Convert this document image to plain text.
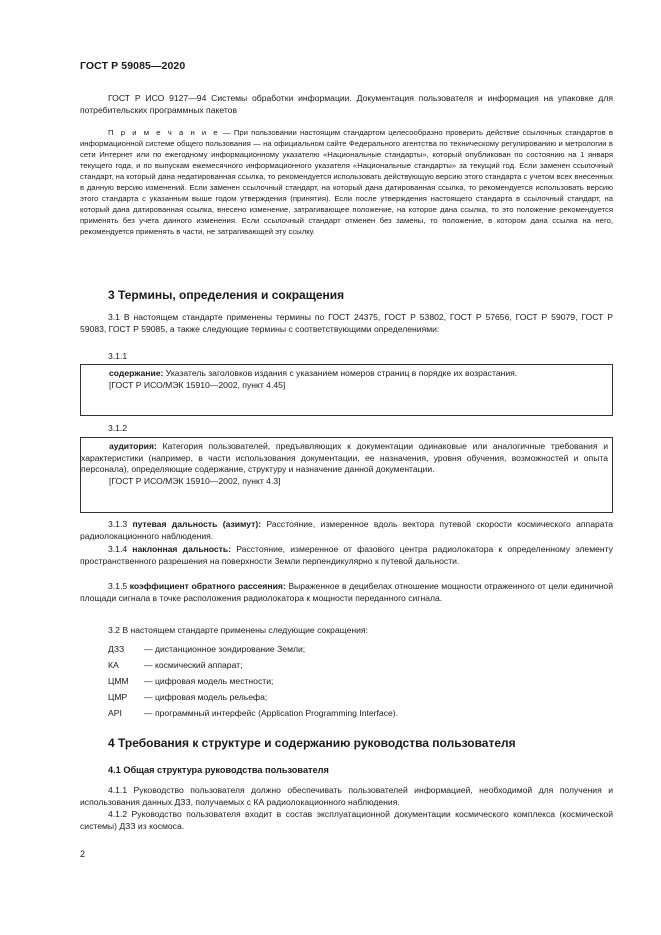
ГОСТ Р 59085—2020

ГОСТ Р ИСО 9127—94 Системы обработки информации. Документация пользователя и информация на упаковке для потребительских программных пакетов

П р и м е ч а н и е — При пользовании настоящим стандартом целесообразно проверить действие ссылочных стандартов в информационной системе общего пользования — на официальном сайте Федерального агентства по техническому регулированию и метрологии в сети Интернет или по ежегодному информационному указателю «Национальные стандарты», который опубликован по состоянию на 1 января текущего года, и по выпускам ежемесячного информационного указателя «Национальные стандарты» за текущий год. Если заменен ссылочный стандарт, на который дана недатированная ссылка, то рекомендуется использовать действующую версию этого стандарта с учетом всех внесенных в данную версию изменений. Если заменен ссылочный стандарт, на который дана датированная ссылка, то рекомендуется использовать версию этого стандарта с указанным выше годом утверждения (принятия). Если после утверждения настоящего стандарта в ссылочный стандарт, на который дана датированная ссылка, внесено изменение, затрагивающее положение, на которое дана ссылка, то это положение рекомендуется применять без учета данного изменения. Если ссылочный стандарт отменен без замены, то положение, в котором дана ссылка на него, рекомендуется применять в части, не затрагивающей эту ссылку.

3 Термины, определения и сокращения

3.1 В настоящем стандарте применены термины по ГОСТ 24375, ГОСТ Р 53802, ГОСТ Р 57656, ГОСТ Р 59079, ГОСТ Р 59083, ГОСТ Р 59085, а также следующие термины с соответствующими определениями:

3.1.1

содержание: Указатель заголовков издания с указанием номеров страниц в порядке их возрастания.

[ГОСТ Р ИСО/МЭК 15910—2002, пункт 4.45]

3.1.2

аудитория: Категория пользователей, предъявляющих к документации одинаковые или аналогичные требования и характеристики (например, в части использования документации, ее назначения, уровня обучения, возможностей и опыта персонала), определяющие содержание, структуру и назначение данной документации.

[ГОСТ Р ИСО/МЭК 15910—2002, пункт 4.3]

3.1.3 путевая дальность (азимут): Расстояние, измеренное вдоль вектора путевой скорости космического аппарата радиолокационного наблюдения.

3.1.4 наклонная дальность: Расстояние, измеренное от фазового центра радиолокатора к определенному элементу пространственного разрешения на поверхности Земли перпендикулярно к путевой дальности.

3.1.5 коэффициент обратного рассеяния: Выраженное в децибелах отношение мощности отраженного от цели единичной площади сигнала в точке расположения радиолокатора к мощности переданного сигнала.

3.2 В настоящем стандарте применены следующие сокращения:

ДЗЗ — дистанционное зондирование Земли;
КА	— космический аппарат;
ЦММ — цифровая модель местности;
ЦМР — цифровая модель рельефа;
API	— программный интерфейс (Application Programming Interface).
4 Требования к структуре и содержанию руководства пользователя
4.1 Общая структура руководства пользователя

4.1.1 Руководство пользователя должно обеспечивать пользователей информацией, необходимой для получения и использования данных ДЗЗ, получаемых с КА радиолокационного наблюдения.

4.1.2 Руководство пользователя входит в состав эксплуатационной документации космического комплекса (космической системы) ДЗЗ из космоса.

2
